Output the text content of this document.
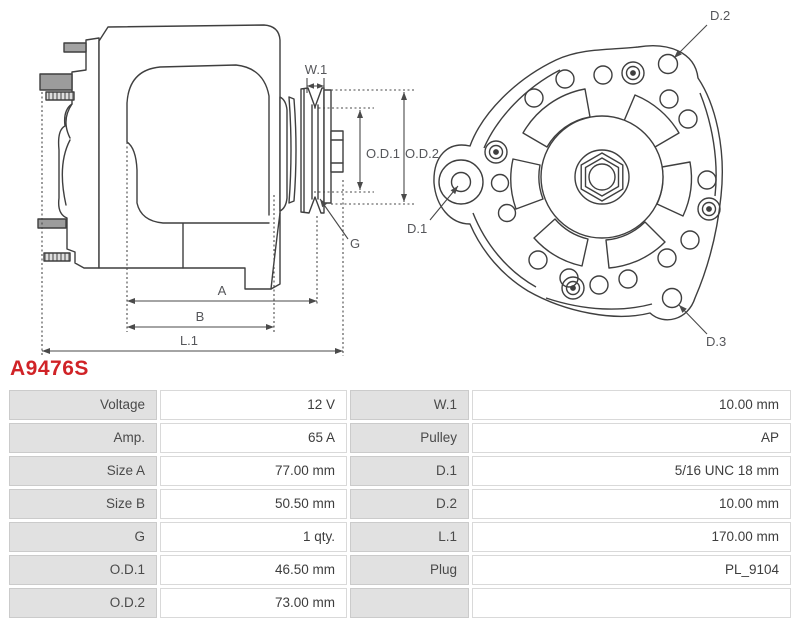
W.1
O.D.1 O.D.2
G
A
B
L.1
D.1
D.2
D.3
A9476S
Voltage	12 V	W.1	10.00 mm
Amp.	65 A	Pulley	AP
Size A	77.00 mm	D.1	5/16 UNC 18 mm
Size B	50.50 mm	D.2	10.00 mm
G	1 qty.	L.1	170.00 mm
O.D.1	46.50 mm	Plug	PL_9104
O.D.2	73.00 mm
